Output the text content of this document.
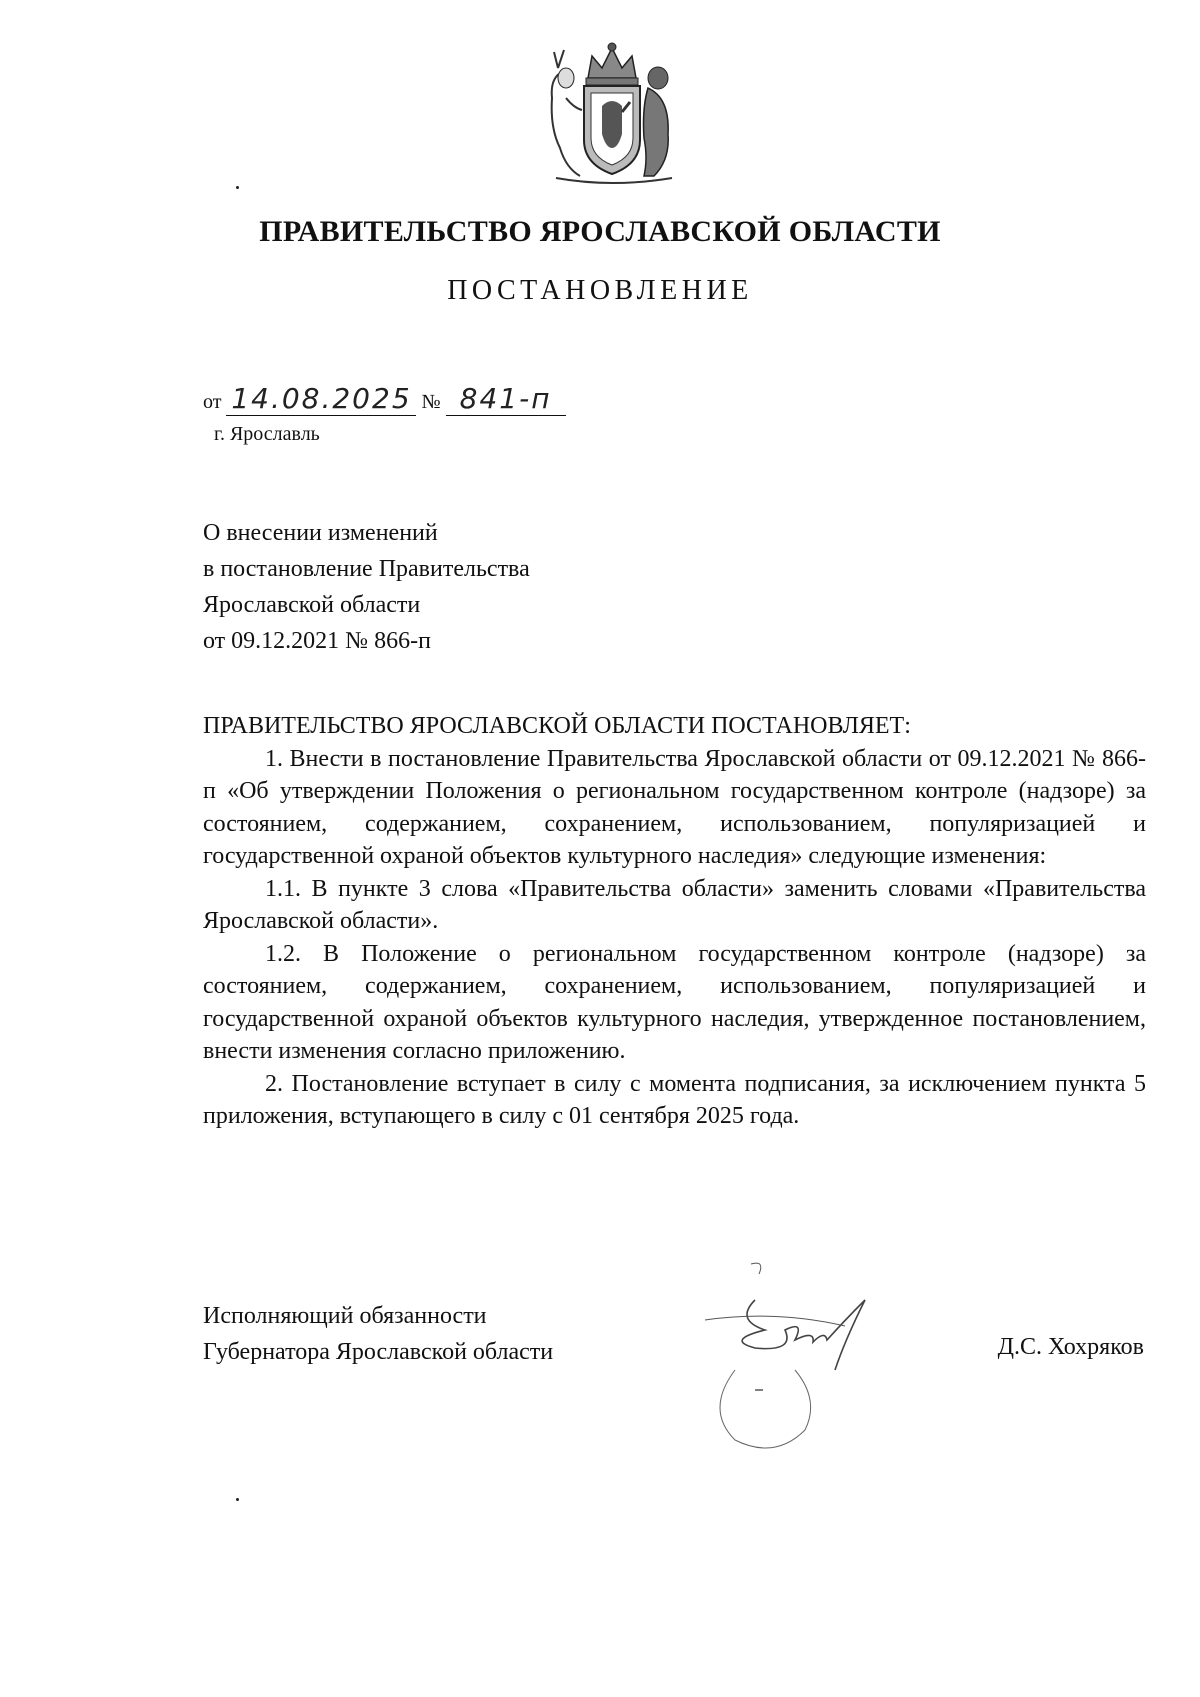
ПРАВИТЕЛЬСТВО ЯРОСЛАВСКОЙ ОБЛАСТИ
ПОСТАНОВЛЕНИЕ
от 14.08.2025 № 841-п
г. Ярославль
О внесении изменений
в постановление Правительства
Ярославской области
от 09.12.2021 № 866-п

ПРАВИТЕЛЬСТВО ЯРОСЛАВСКОЙ ОБЛАСТИ ПОСТАНОВЛЯЕТ:

1. Внести в постановление Правительства Ярославской области от 09.12.2021 № 866-п «Об утверждении Положения о региональном государственном контроле (надзоре) за состоянием, содержанием, сохранением, использованием, популяризацией и государственной охраной объектов культурного наследия» следующие изменения:

1.1. В пункте 3 слова «Правительства области» заменить словами «Правительства Ярославской области».

1.2. В Положение о региональном государственном контроле (надзоре) за состоянием, содержанием, сохранением, использованием, популяризацией и государственной охраной объектов культурного наследия, утвержденное постановлением, внести изменения согласно приложению.

2. Постановление вступает в силу с момента подписания, за исключением пункта 5 приложения, вступающего в силу с 01 сентября 2025 года.

Исполняющий обязанности
Губернатора Ярославской области	Д.С. Хохряков
